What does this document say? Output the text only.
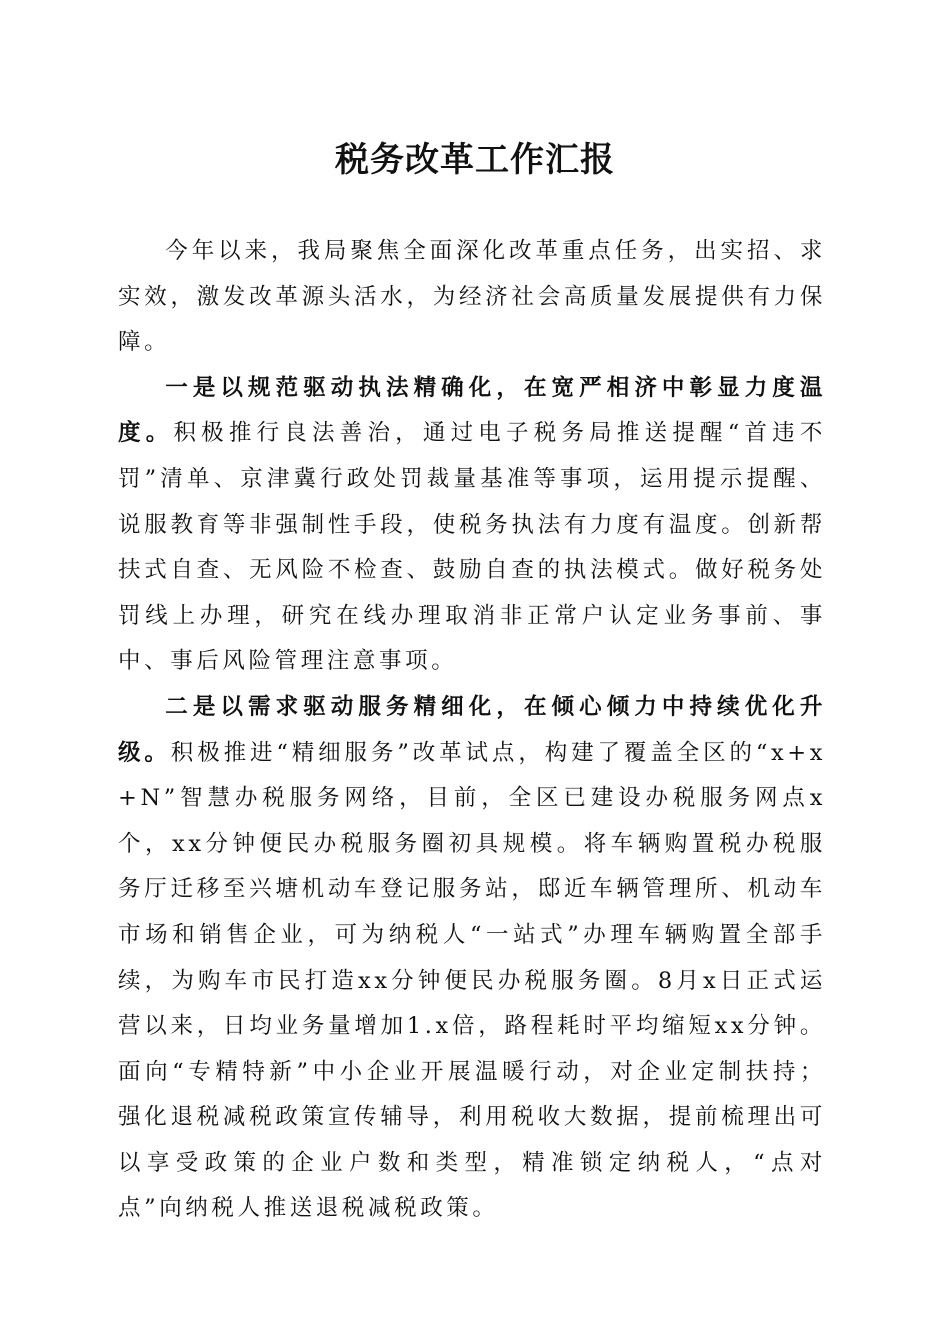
税务改革工作汇报

今年以来，我局聚焦全面深化改革重点任务，出实招、求实效，激发改革源头活水，为经济社会高质量发展提供有力保障。

一是以规范驱动执法精确化，在宽严相济中彰显力度温度。积极推行良法善治，通过电子税务局推送提醒“首违不罚”清单、京津冀行政处罚裁量基准等事项，运用提示提醒、说服教育等非强制性手段，使税务执法有力度有温度。创新帮扶式自查、无风险不检查、鼓励自查的执法模式。做好税务处罚线上办理，研究在线办理取消非正常户认定业务事前、事中、事后风险管理注意事项。

二是以需求驱动服务精细化，在倾心倾力中持续优化升级。积极推进“精细服务”改革试点，构建了覆盖全区的“x+x+N”智慧办税服务网络，目前，全区已建设办税服务网点x个，xx分钟便民办税服务圈初具规模。将车辆购置税办税服务厅迁移至兴塘机动车登记服务站，邸近车辆管理所、机动车市场和销售企业，可为纳税人“一站式”办理车辆购置全部手续，为购车市民打造xx分钟便民办税服务圈。8月x日正式运营以来，日均业务量增加1.x倍，路程耗时平均缩短xx分钟。面向“专精特新”中小企业开展温暖行动，对企业定制扶持；强化退税减税政策宣传辅导，利用税收大数据，提前梳理出可以享受政策的企业户数和类型，精准锁定纳税人，“点对点”向纳税人推送退税减税政策。
